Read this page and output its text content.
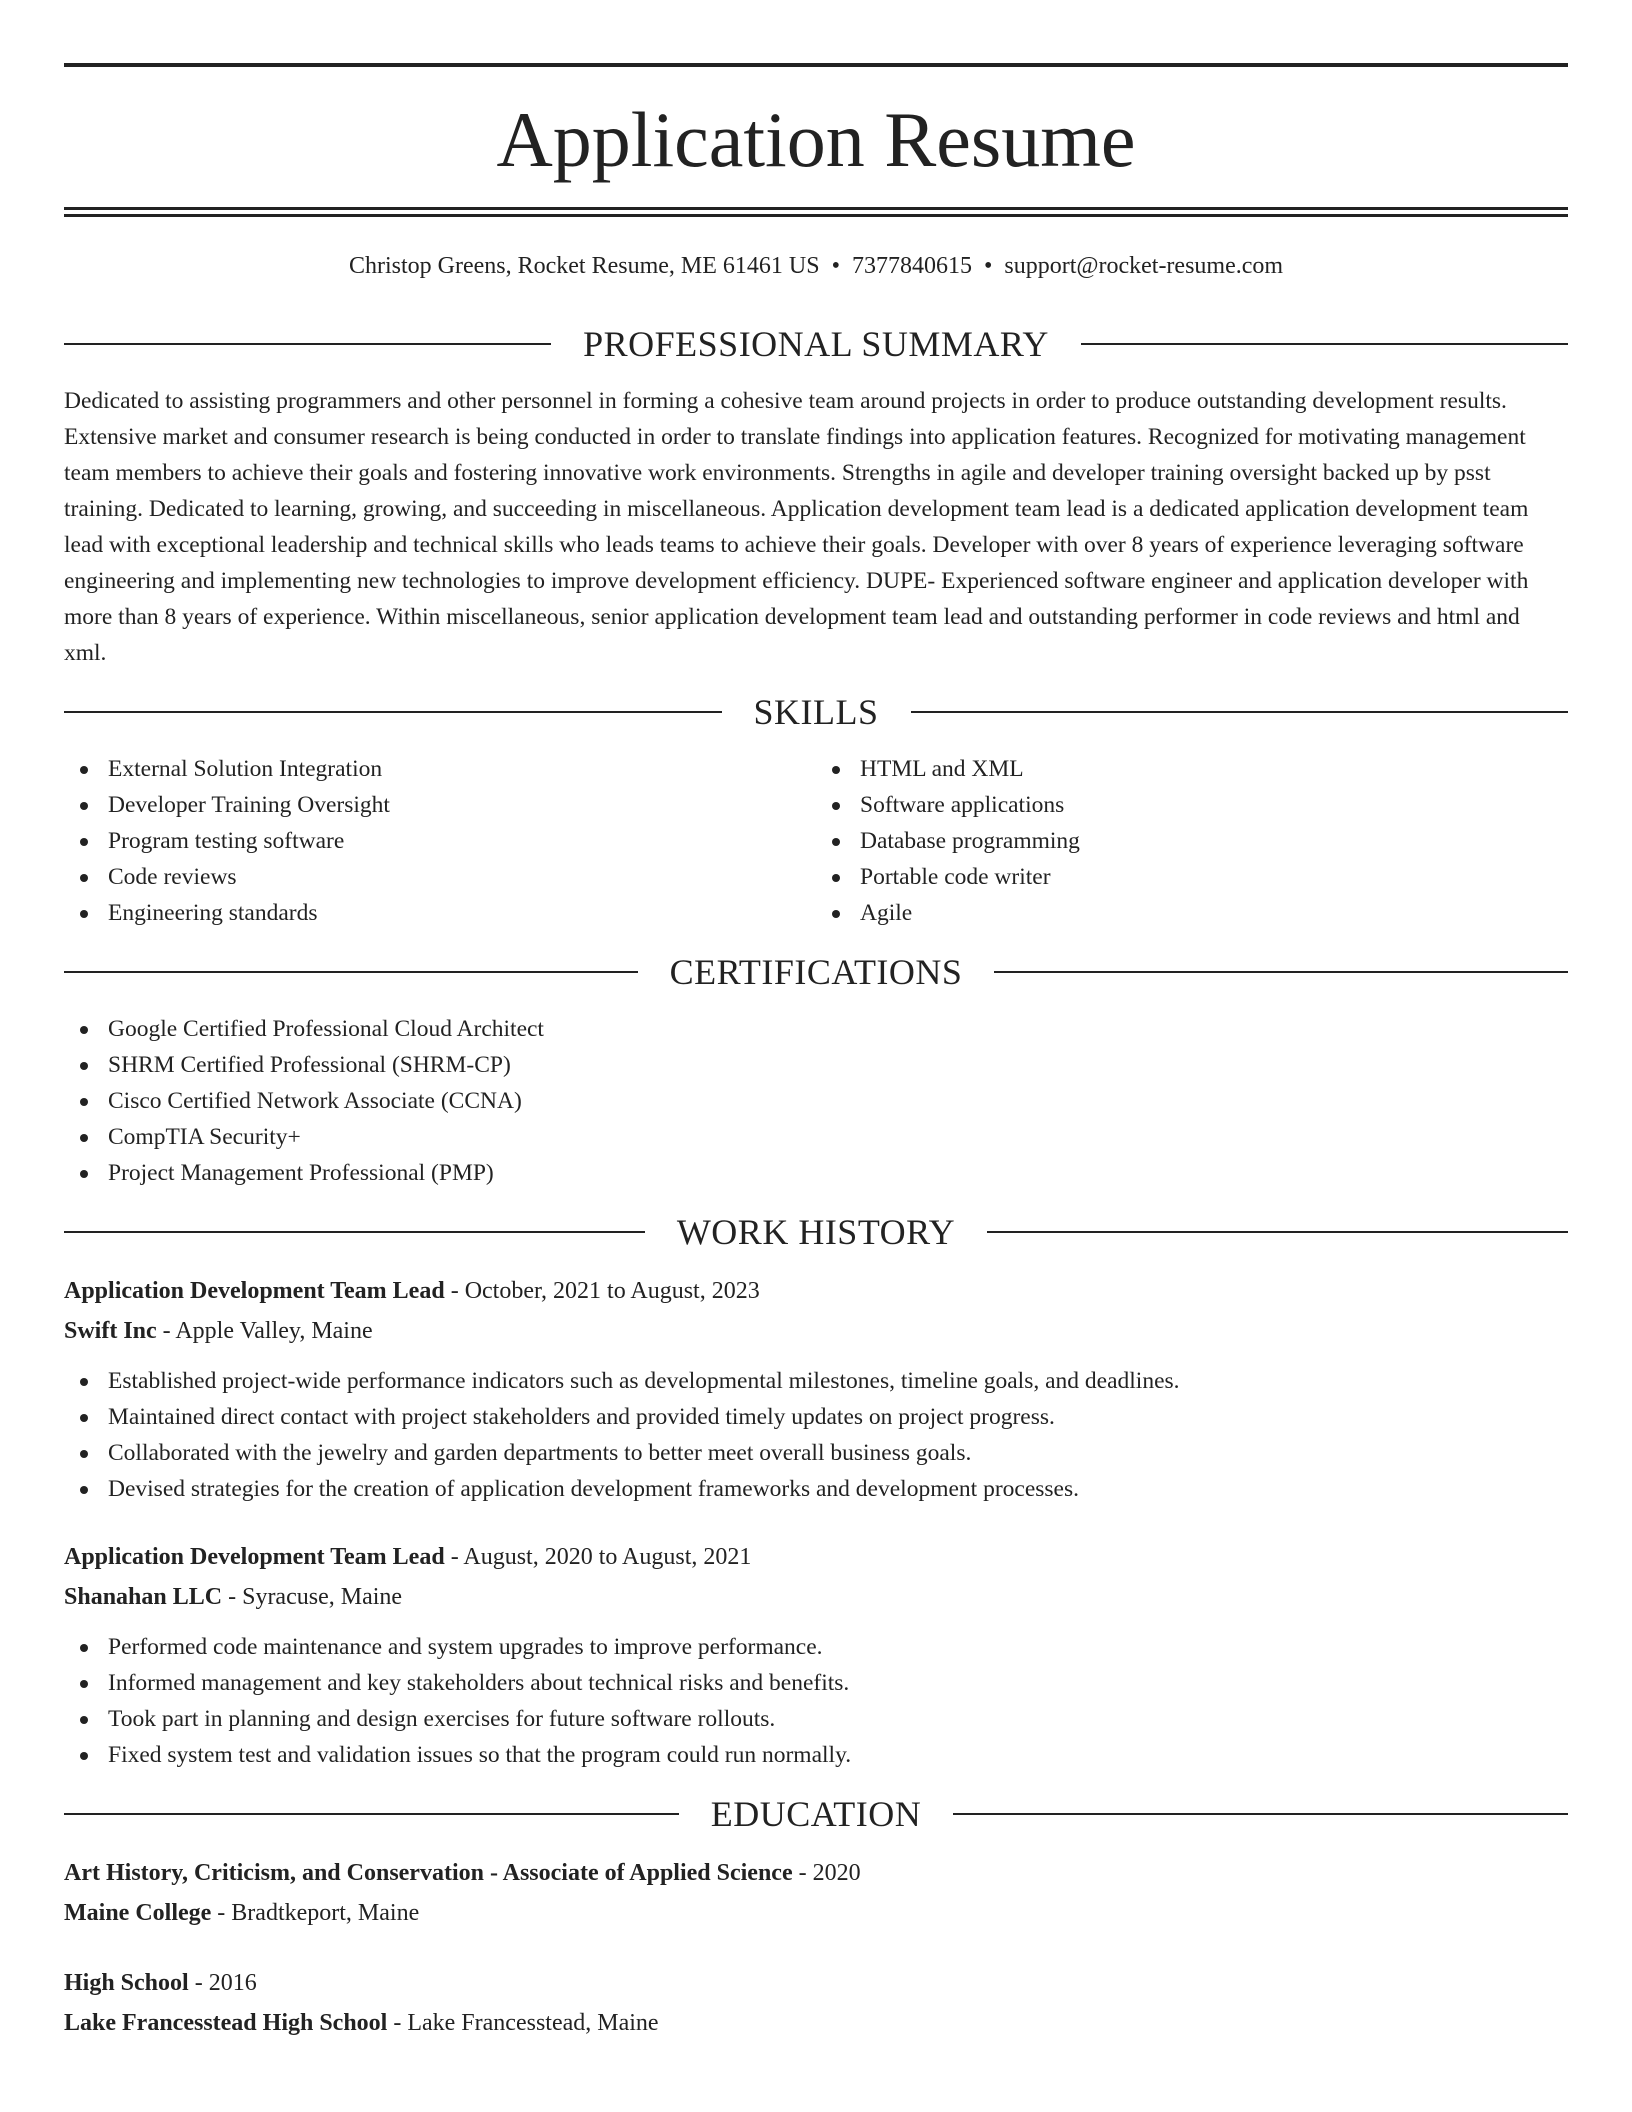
Application Resume
Christop Greens, Rocket Resume, ME 61461 US • 7377840615 • support@rocket-resume.com
PROFESSIONAL SUMMARY

Dedicated to assisting programmers and other personnel in forming a cohesive team around projects in order to produce outstanding development results. Extensive market and consumer research is being conducted in order to translate findings into application features. Recognized for motivating management team members to achieve their goals and fostering innovative work environments. Strengths in agile and developer training oversight backed up by psst training. Dedicated to learning, growing, and succeeding in miscellaneous. Application development team lead is a dedicated application development team lead with exceptional leadership and technical skills who leads teams to achieve their goals. Developer with over 8 years of experience leveraging software engineering and implementing new technologies to improve development efficiency. DUPE- Experienced software engineer and application developer with more than 8 years of experience. Within miscellaneous, senior application development team lead and outstanding performer in code reviews and html and xml.

SKILLS
External Solution Integration
Developer Training Oversight
Program testing software
Code reviews
Engineering standards
HTML and XML
Software applications
Database programming
Portable code writer
Agile
CERTIFICATIONS
Google Certified Professional Cloud Architect
SHRM Certified Professional (SHRM-CP)
Cisco Certified Network Associate (CCNA)
CompTIA Security+
Project Management Professional (PMP)
WORK HISTORY
Application Development Team Lead - October, 2021 to August, 2023
Swift Inc - Apple Valley, Maine
Established project-wide performance indicators such as developmental milestones, timeline goals, and deadlines.
Maintained direct contact with project stakeholders and provided timely updates on project progress.
Collaborated with the jewelry and garden departments to better meet overall business goals.
Devised strategies for the creation of application development frameworks and development processes.
Application Development Team Lead - August, 2020 to August, 2021
Shanahan LLC - Syracuse, Maine
Performed code maintenance and system upgrades to improve performance.
Informed management and key stakeholders about technical risks and benefits.
Took part in planning and design exercises for future software rollouts.
Fixed system test and validation issues so that the program could run normally.
EDUCATION
Art History, Criticism, and Conservation - Associate of Applied Science - 2020
Maine College - Bradtkeport, Maine
High School - 2016
Lake Francesstead High School - Lake Francesstead, Maine
